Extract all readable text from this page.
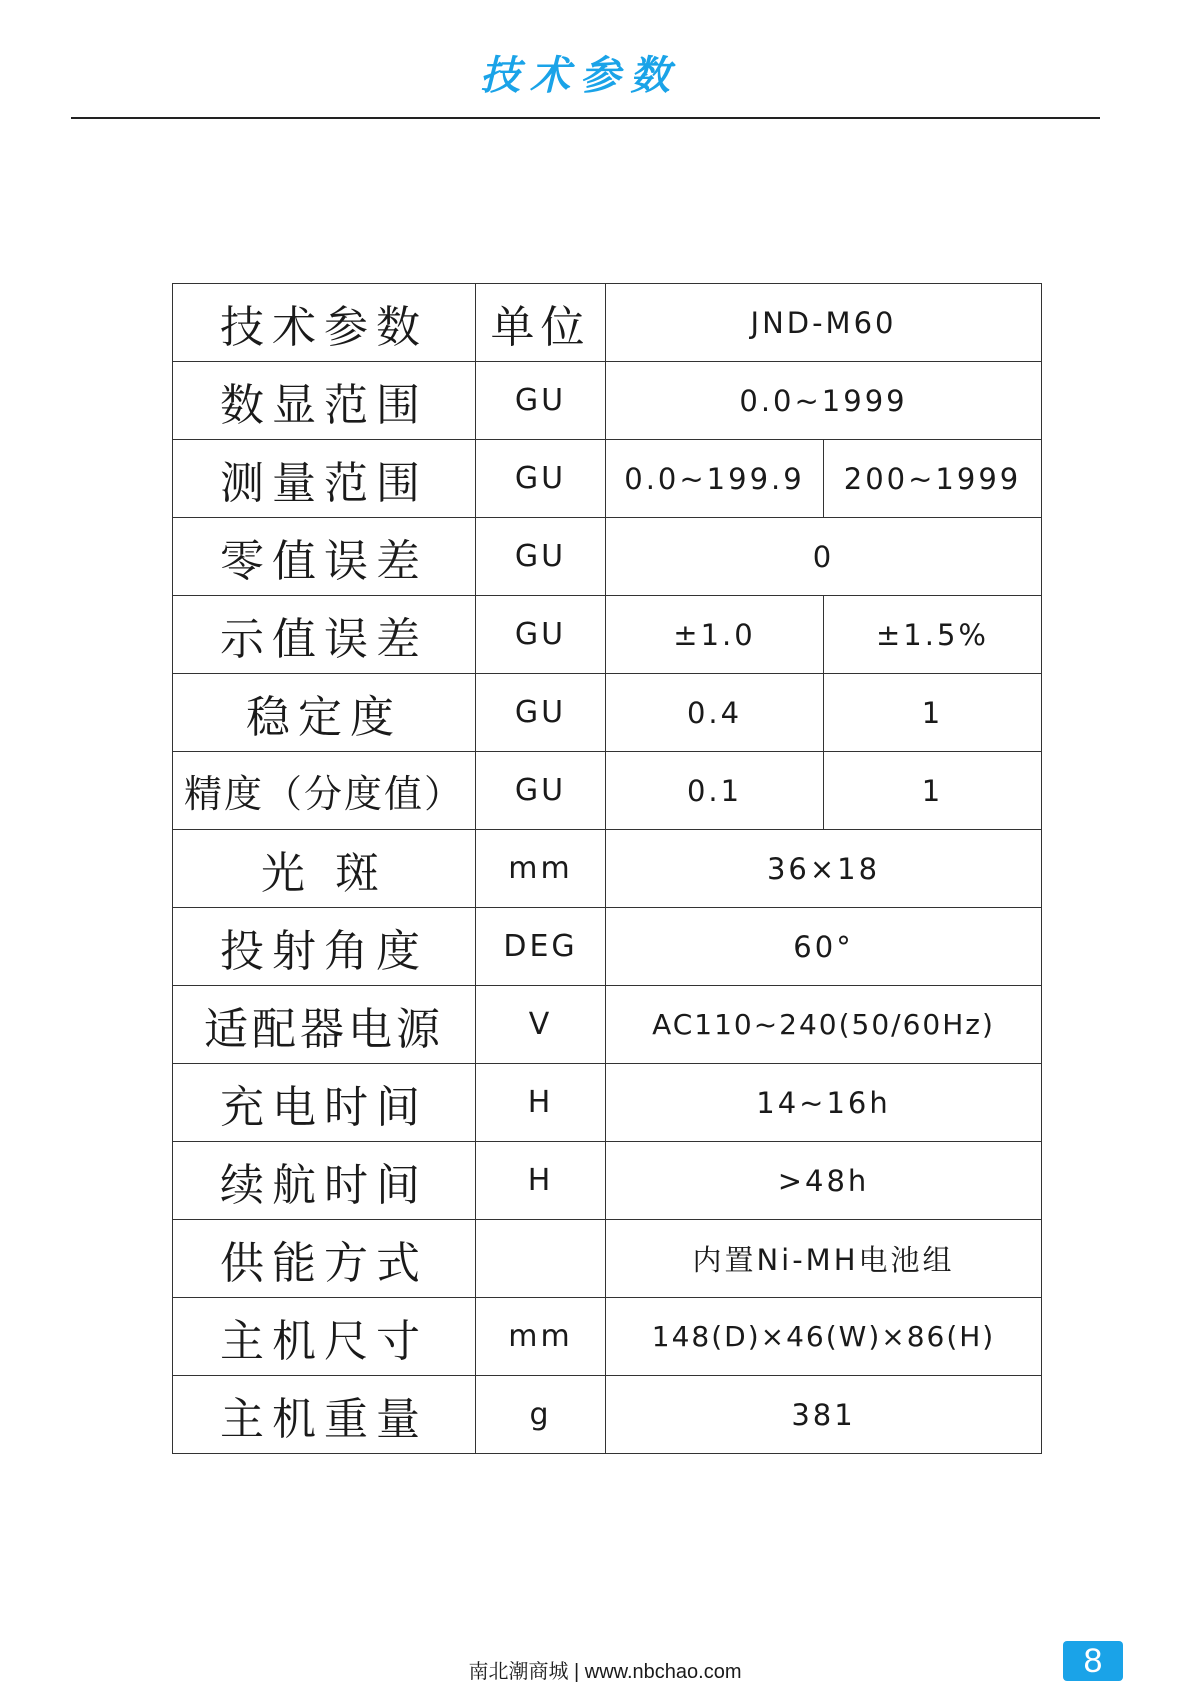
技术参数
技术参数	单位	JND-M60	
数显范围	GU	0.0~1999	
测量范围	GU	0.0~199.9	200~1999
零值误差	GU	0	
示值误差	GU	±1.0	±1.5%
稳定度	GU	0.4	1
精度（分度值）	GU	0.1	1
光 斑	mm	36×18	
投射角度	DEG	60°	
适配器电源	V	AC110~240(50/60Hz)	
充电时间	H	14~16h	
续航时间	H	>48h	
供能方式		内置Ni-MH电池组	
主机尺寸	mm	148(D)×46(W)×86(H)	
主机重量	g	381	
南北潮商城 | www.nbchao.com	8
